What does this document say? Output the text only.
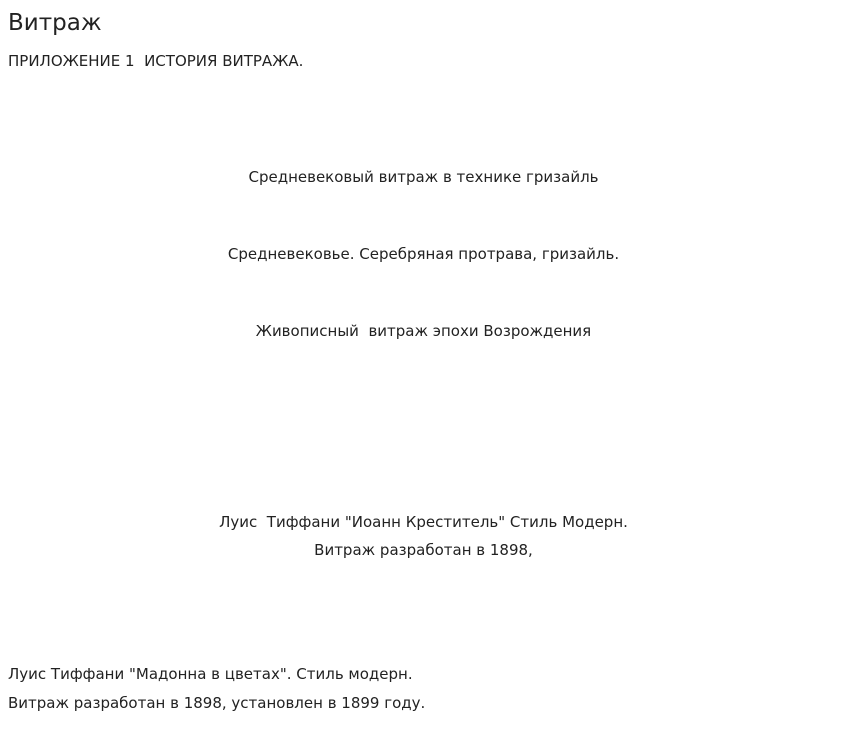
Витраж

ПРИЛОЖЕНИЕ 1  ИСТОРИЯ ВИТРАЖА.

Средневековый витраж в технике гризайль

Средневековье. Серебряная протрава, гризайль.

Живописный  витраж эпохи Возрождения

Луис  Тиффани "Иоанн Креститель" Стиль Модерн.

Витраж разработан в 1898,

Луис Тиффани "Мадонна в цветах". Стиль модерн.

Витраж разработан в 1898, установлен в 1899 году.
